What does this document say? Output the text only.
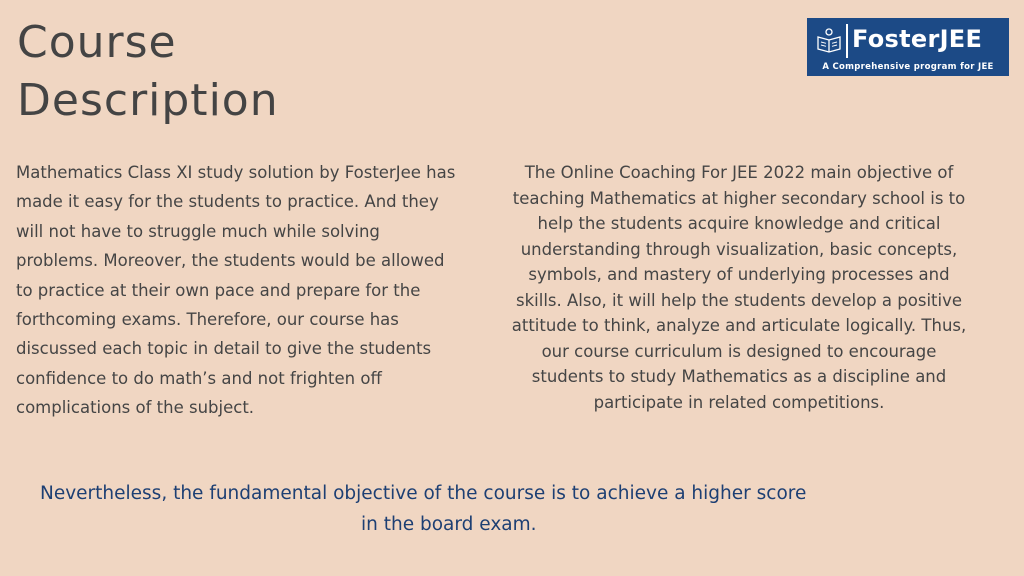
Course
Description
FosterJEE
A Comprehensive program for JEE

Mathematics Class XI study solution by FosterJee has made it easy for the students to practice. And they will not have to struggle much while solving problems. Moreover, the students would be allowed to practice at their own pace and prepare for the forthcoming exams. Therefore, our course has discussed each topic in detail to give the students confidence to do math’s and not frighten off complications of the subject.

The Online Coaching For JEE 2022 main objective of teaching Mathematics at higher secondary school is to help the students acquire knowledge and critical understanding through visualization, basic concepts, symbols, and mastery of underlying processes and skills. Also, it will help the students develop a positive attitude to think, analyze and articulate logically. Thus, our course curriculum is designed to encourage students to study Mathematics as a discipline and participate in related competitions.

Nevertheless, the fundamental objective of the course is to achieve a higher score
in the board exam.
